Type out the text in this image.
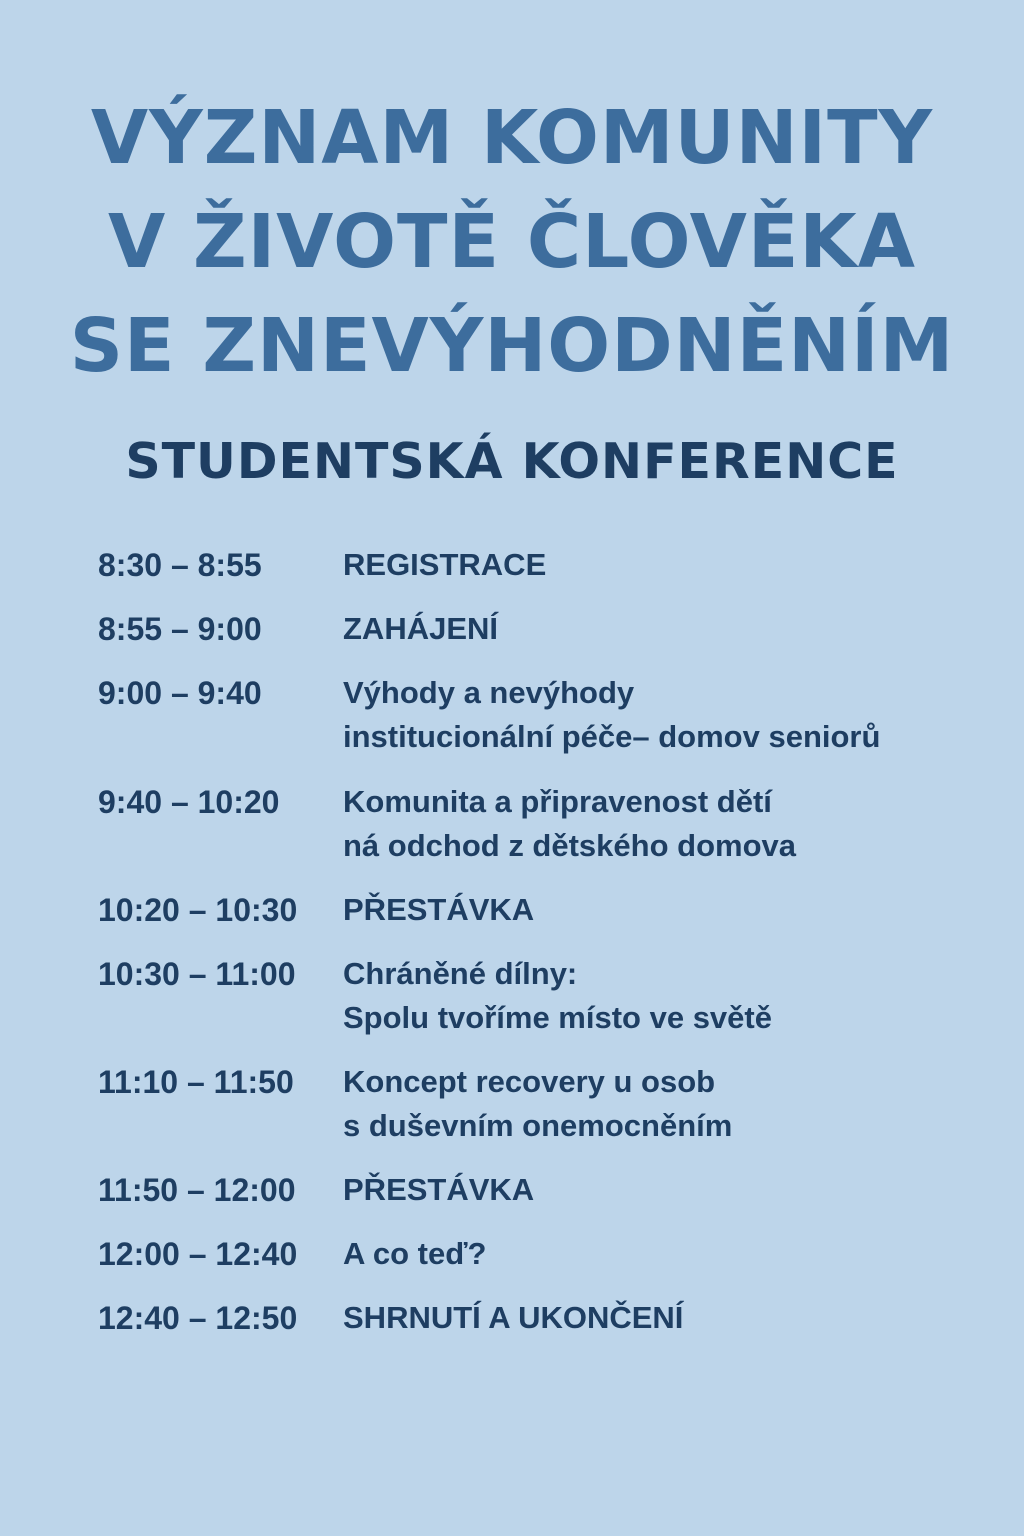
VÝZNAM KOMUNITY
V ŽIVOTĚ ČLOVĚKA
SE ZNEVÝHODNĚNÍM
STUDENTSKÁ KONFERENCE
8:30 – 8:55	REGISTRACE
8:55 – 9:00	ZAHÁJENÍ
9:00 – 9:40	Výhody a nevýhody
institucionální péče– domov seniorů
9:40 – 10:20 Komunita a připravenost dětí
ná odchod z dětského domova
10:20 – 10:30 PŘESTÁVKA
10:30 – 11:00 Chráněné dílny:
Spolu tvoříme místo ve světě
11:10 – 11:50 Koncept recovery u osob
s duševním onemocněním
11:50 – 12:00 PŘESTÁVKA
12:00 – 12:40 A co teď?
12:40 – 12:50 SHRNUTÍ A UKONČENÍ
